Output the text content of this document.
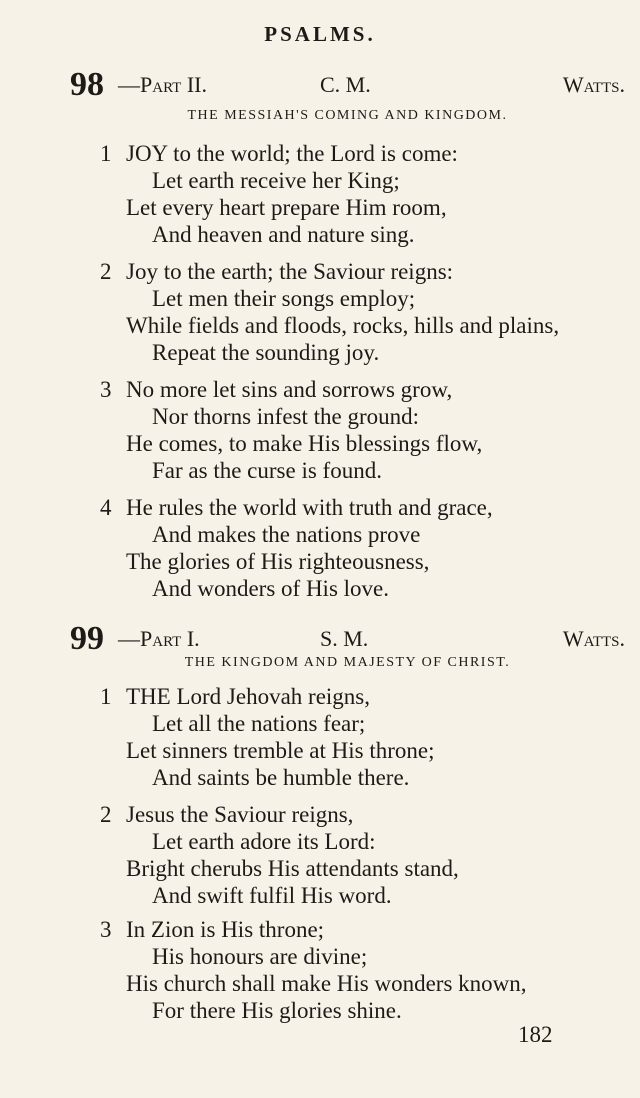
PSALMS.
98 —Part II.	C. M.	Watts.
THE MESSIAH'S COMING AND KINGDOM.
1 JOY to the world; the Lord is come:
Let earth receive her King;
Let every heart prepare Him room,
And heaven and nature sing.
2 Joy to the earth; the Saviour reigns:
Let men their songs employ;
While fields and floods, rocks, hills and plains,
Repeat the sounding joy.
3 No more let sins and sorrows grow,
Nor thorns infest the ground:
He comes, to make His blessings flow,
Far as the curse is found.
4 He rules the world with truth and grace,
And makes the nations prove
The glories of His righteousness,
And wonders of His love.
99 —Part I.	S. M.	Watts.
THE KINGDOM AND MAJESTY OF CHRIST.
1 THE Lord Jehovah reigns,
Let all the nations fear;
Let sinners tremble at His throne;
And saints be humble there.
2 Jesus the Saviour reigns,
Let earth adore its Lord:
Bright cherubs His attendants stand,
And swift fulfil His word.
3 In Zion is His throne;
His honours are divine;
His church shall make His wonders known,
For there His glories shine.
182
